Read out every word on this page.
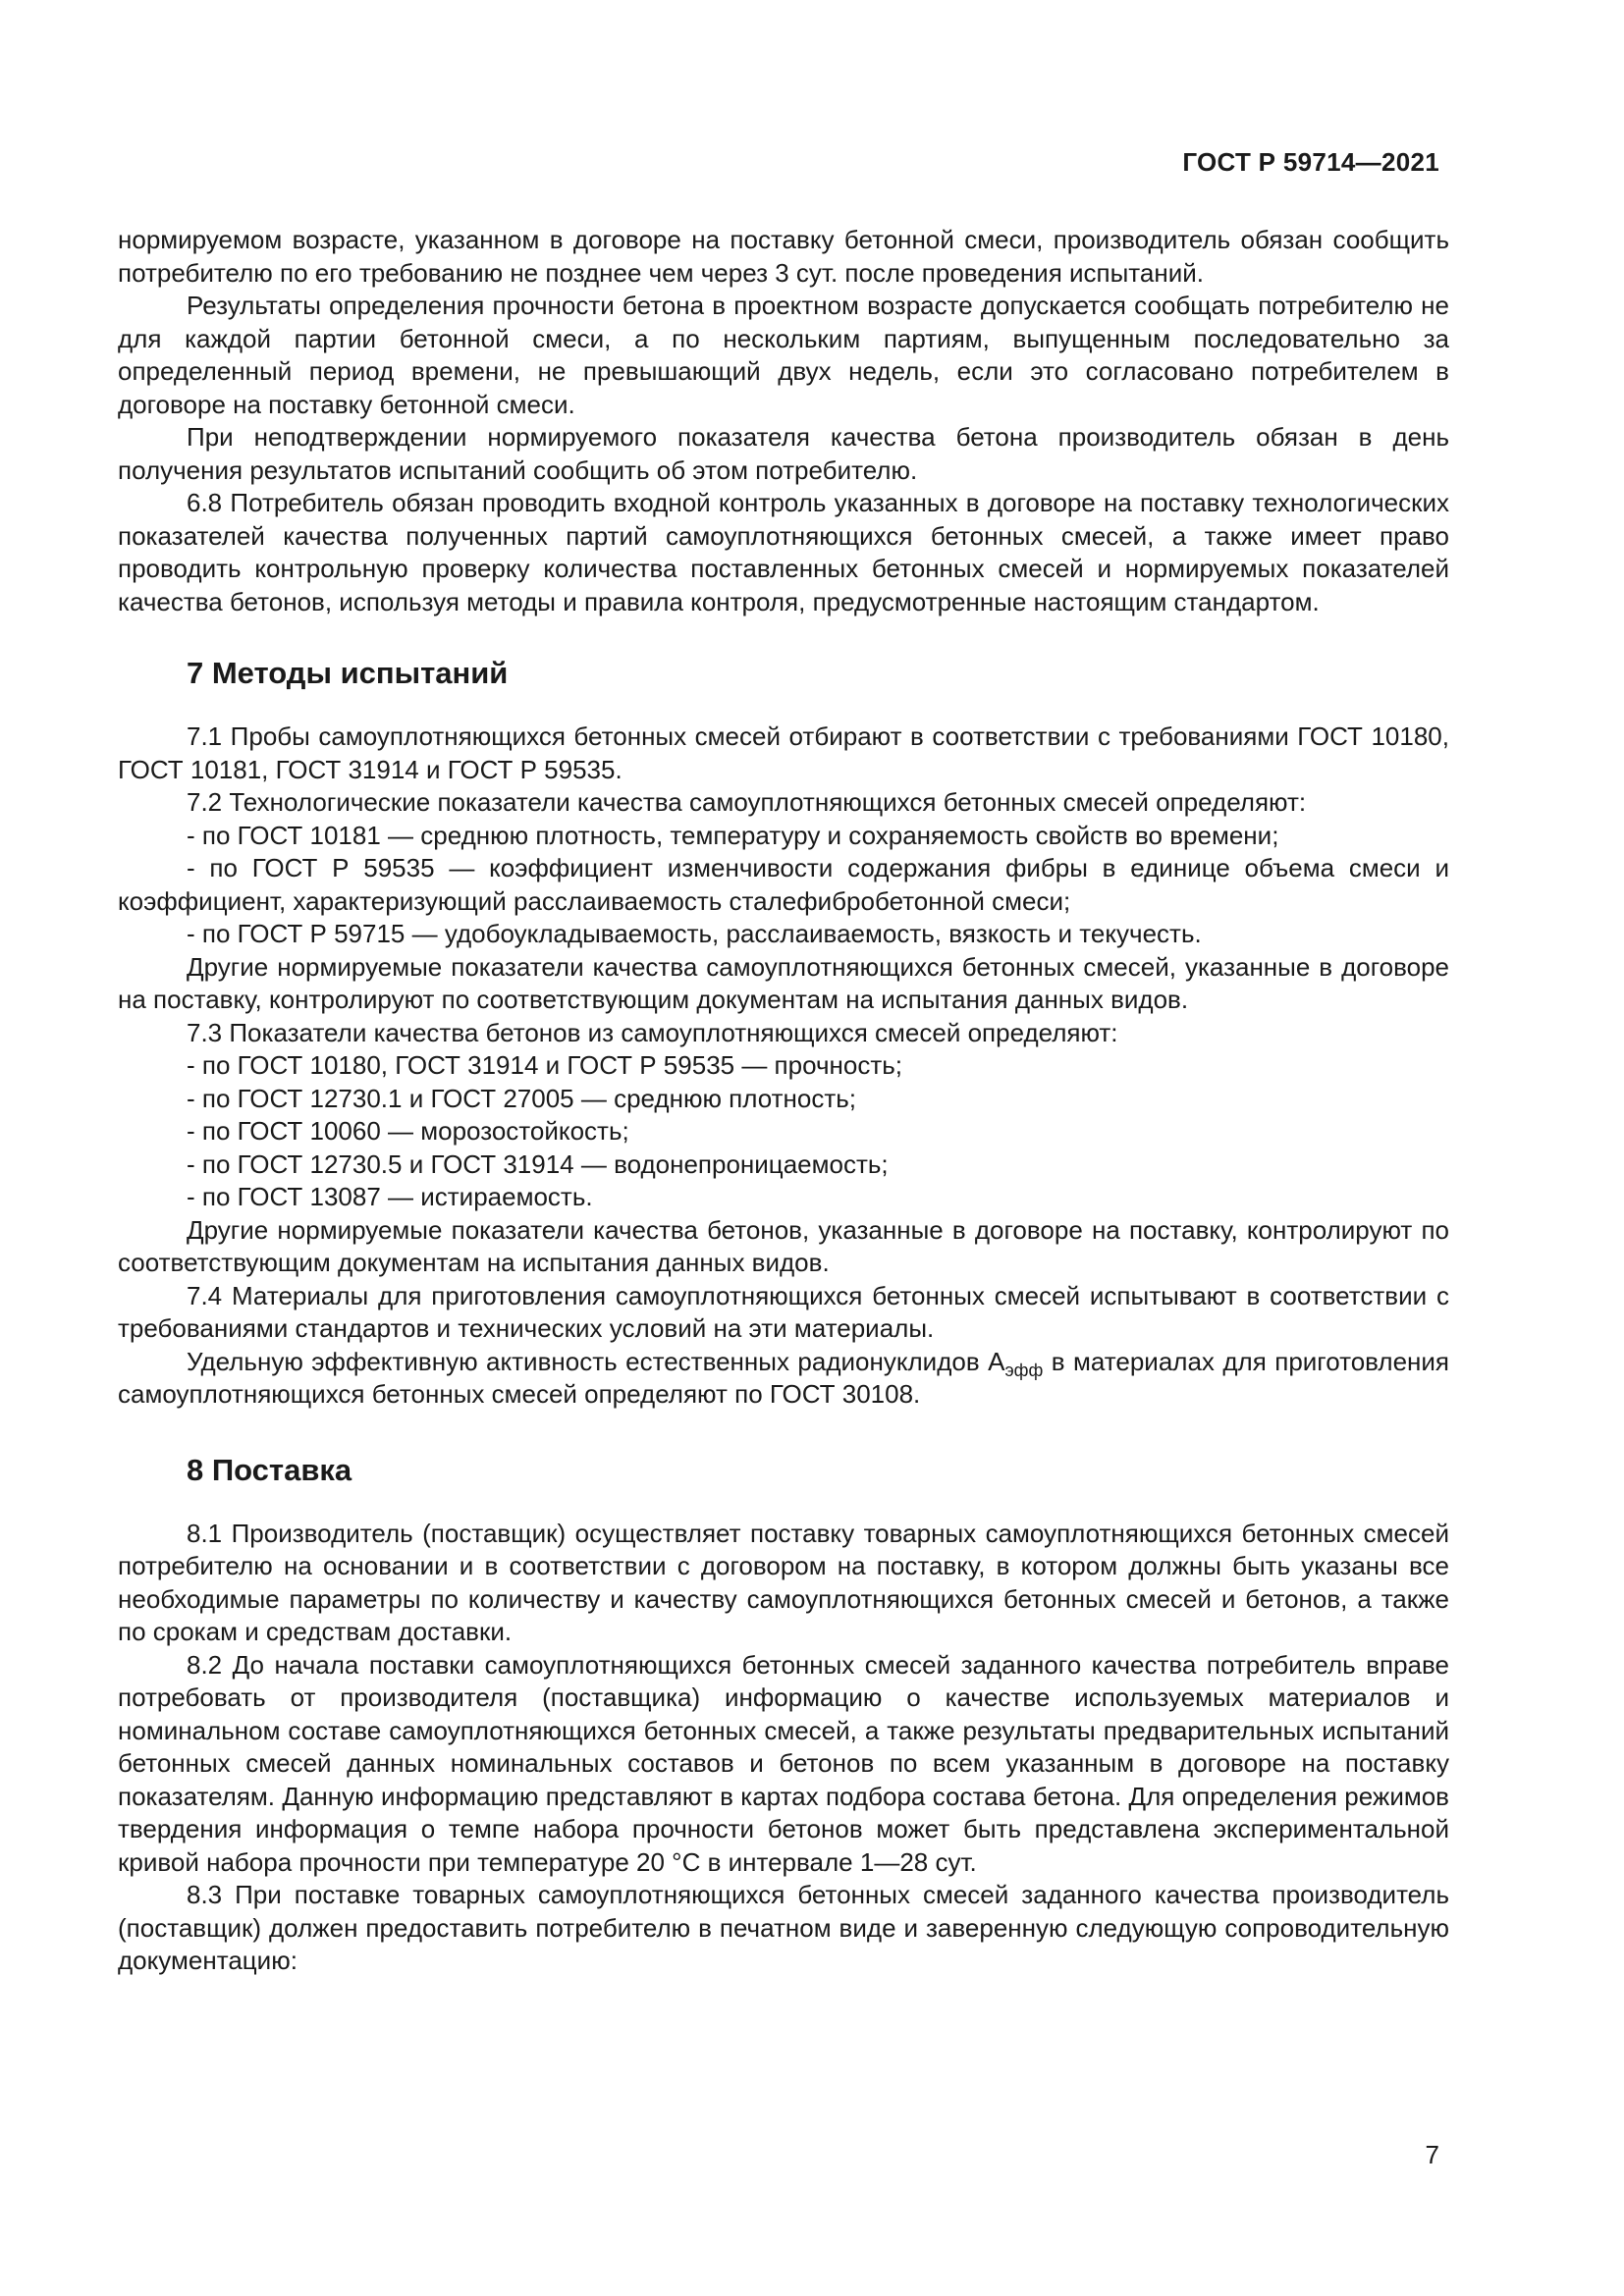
ГОСТ Р 59714—2021

нормируемом возрасте, указанном в договоре на поставку бетонной смеси, производитель обязан сообщить потребителю по его требованию не позднее чем через 3 сут. после проведения испытаний.

Результаты определения прочности бетона в проектном возрасте допускается сообщать потребителю не для каждой партии бетонной смеси, а по нескольким партиям, выпущенным последовательно за определенный период времени, не превышающий двух недель, если это согласовано потребителем в договоре на поставку бетонной смеси.

При неподтверждении нормируемого показателя качества бетона производитель обязан в день получения результатов испытаний сообщить об этом потребителю.

6.8 Потребитель обязан проводить входной контроль указанных в договоре на поставку технологических показателей качества полученных партий самоуплотняющихся бетонных смесей, а также имеет право проводить контрольную проверку количества поставленных бетонных смесей и нормируемых показателей качества бетонов, используя методы и правила контроля, предусмотренные настоящим стандартом.

7 Методы испытаний

7.1 Пробы самоуплотняющихся бетонных смесей отбирают в соответствии с требованиями ГОСТ 10180, ГОСТ 10181, ГОСТ 31914 и ГОСТ Р 59535.

7.2 Технологические показатели качества самоуплотняющихся бетонных смесей определяют:

- по ГОСТ 10181 — среднюю плотность, температуру и сохраняемость свойств во времени;

- по ГОСТ Р 59535 — коэффициент изменчивости содержания фибры в единице объема смеси и коэффициент, характеризующий расслаиваемость сталефибробетонной смеси;

- по ГОСТ Р 59715 — удобоукладываемость, расслаиваемость, вязкость и текучесть.

Другие нормируемые показатели качества самоуплотняющихся бетонных смесей, указанные в договоре на поставку, контролируют по соответствующим документам на испытания данных видов.

7.3 Показатели качества бетонов из самоуплотняющихся смесей определяют:

- по ГОСТ 10180, ГОСТ 31914 и ГОСТ Р 59535 — прочность;

- по ГОСТ 12730.1 и ГОСТ 27005 — среднюю плотность;

- по ГОСТ 10060 — морозостойкость;

- по ГОСТ 12730.5 и ГОСТ 31914 — водонепроницаемость;

- по ГОСТ 13087 — истираемость.

Другие нормируемые показатели качества бетонов, указанные в договоре на поставку, контролируют по соответствующим документам на испытания данных видов.

7.4 Материалы для приготовления самоуплотняющихся бетонных смесей испытывают в соответствии с требованиями стандартов и технических условий на эти материалы.

Удельную эффективную активность естественных радионуклидов $A_{эфф}$ в материалах для приготовления самоуплотняющихся бетонных смесей определяют по ГОСТ 30108.

8 Поставка

8.1 Производитель (поставщик) осуществляет поставку товарных самоуплотняющихся бетонных смесей потребителю на основании и в соответствии с договором на поставку, в котором должны быть указаны все необходимые параметры по количеству и качеству самоуплотняющихся бетонных смесей и бетонов, а также по срокам и средствам доставки.

8.2 До начала поставки самоуплотняющихся бетонных смесей заданного качества потребитель вправе потребовать от производителя (поставщика) информацию о качестве используемых материалов и номинальном составе самоуплотняющихся бетонных смесей, а также результаты предварительных испытаний бетонных смесей данных номинальных составов и бетонов по всем указанным в договоре на поставку показателям. Данную информацию представляют в картах подбора состава бетона. Для определения режимов твердения информация о темпе набора прочности бетонов может быть представлена экспериментальной кривой набора прочности при температуре 20 °С в интервале 1—28 сут.

8.3 При поставке товарных самоуплотняющихся бетонных смесей заданного качества производитель (поставщик) должен предоставить потребителю в печатном виде и заверенную следующую сопроводительную документацию:

7
